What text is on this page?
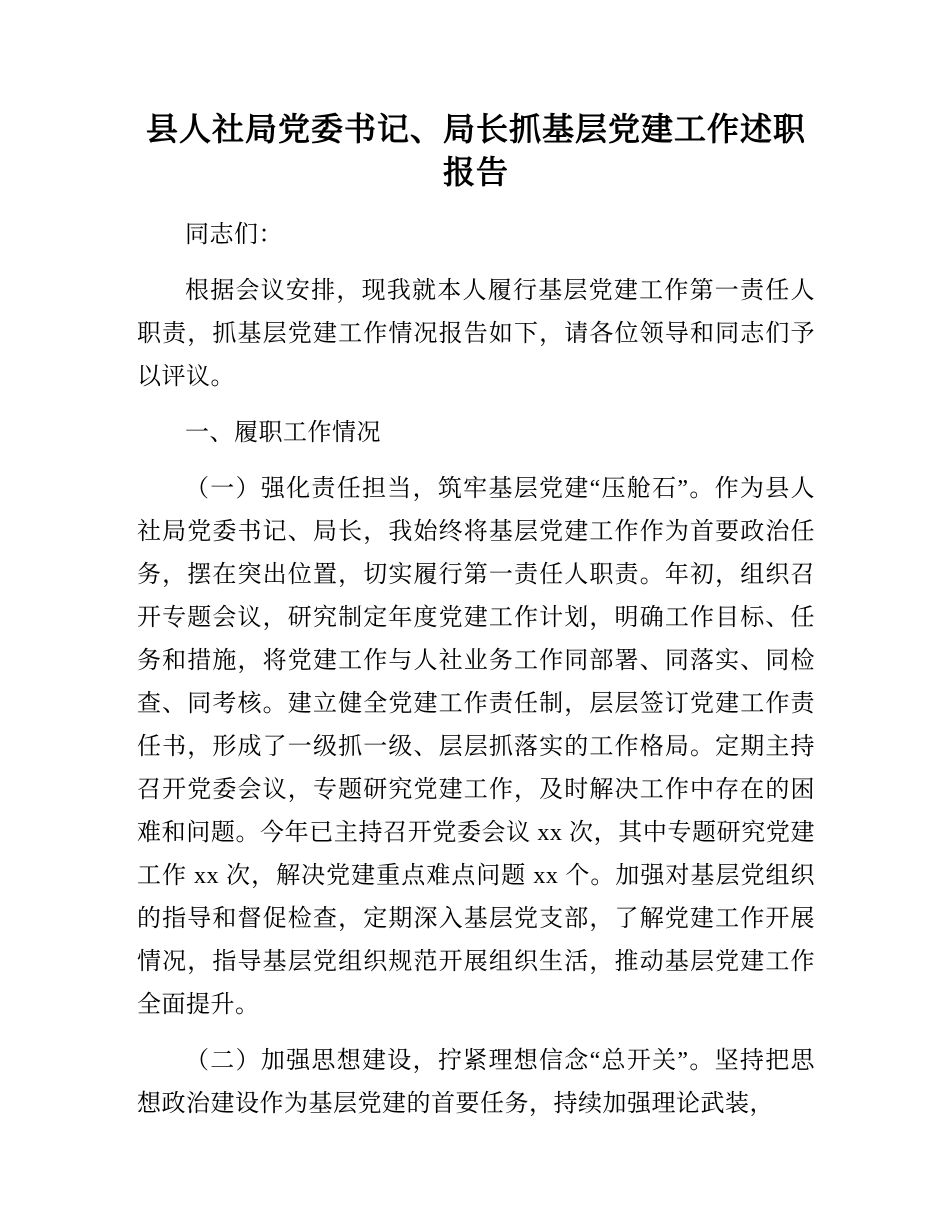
县人社局党委书记、局长抓基层党建工作述职报告

同志们：

根据会议安排，现我就本人履行基层党建工作第一责任人职责，抓基层党建工作情况报告如下，请各位领导和同志们予以评议。

一、履职工作情况

（一）强化责任担当，筑牢基层党建“压舱石”。作为县人社局党委书记、局长，我始终将基层党建工作作为首要政治任务，摆在突出位置，切实履行第一责任人职责。年初，组织召开专题会议，研究制定年度党建工作计划，明确工作目标、任务和措施，将党建工作与人社业务工作同部署、同落实、同检查、同考核。建立健全党建工作责任制，层层签订党建工作责任书，形成了一级抓一级、层层抓落实的工作格局。定期主持召开党委会议，专题研究党建工作，及时解决工作中存在的困难和问题。今年已主持召开党委会议 xx 次，其中专题研究党建工作 xx 次，解决党建重点难点问题 xx 个。加强对基层党组织的指导和督促检查，定期深入基层党支部，了解党建工作开展情况，指导基层党组织规范开展组织生活，推动基层党建工作全面提升。

（二）加强思想建设，拧紧理想信念“总开关”。坚持把思想政治建设作为基层党建的首要任务，持续加强理论武装，
